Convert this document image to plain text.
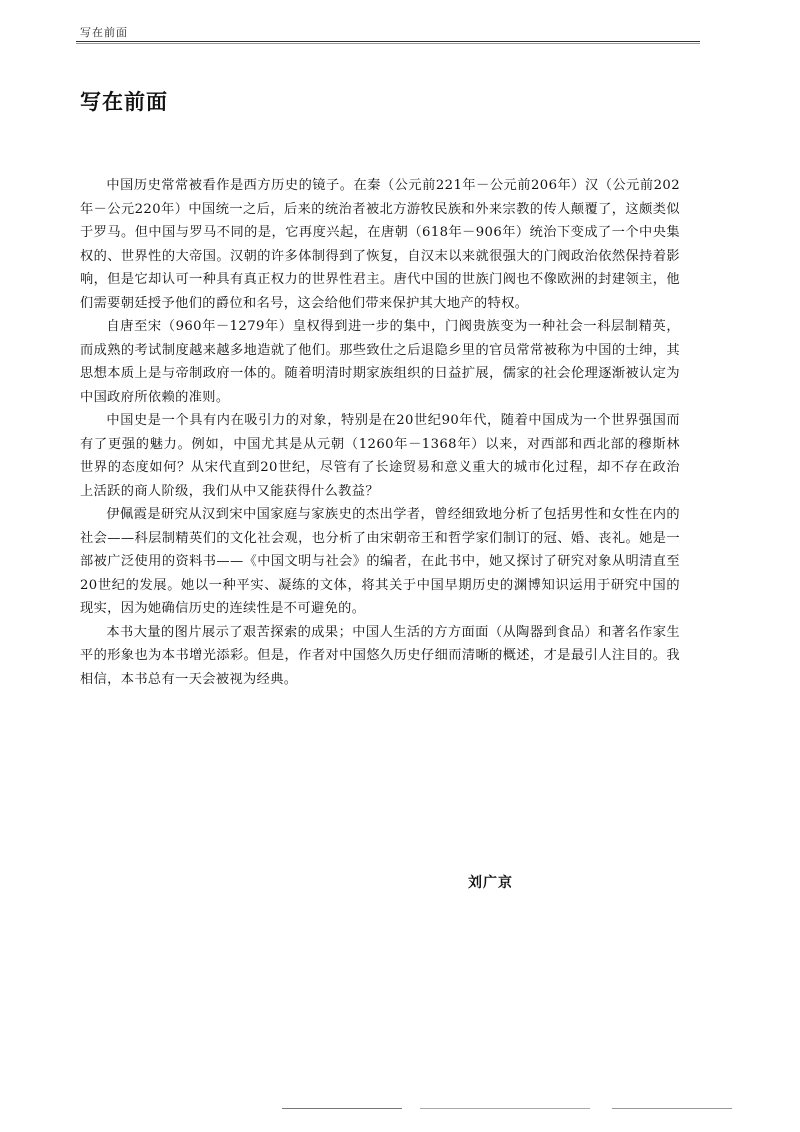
写在前面
写在前面

中国历史常常被看作是西方历史的镜子。在秦（公元前221年－公元前206年）汉（公元前202年－公元220年）中国统一之后，后来的统治者被北方游牧民族和外来宗教的传人颠覆了，这颇类似于罗马。但中国与罗马不同的是，它再度兴起，在唐朝（618年－906年）统治下变成了一个中央集权的、世界性的大帝国。汉朝的许多体制得到了恢复，自汉末以来就很强大的门阀政治依然保持着影响，但是它却认可一种具有真正权力的世界性君主。唐代中国的世族门阀也不像欧洲的封建领主，他们需要朝廷授予他们的爵位和名号，这会给他们带来保护其大地产的特权。

自唐至宋（960年－1279年）皇权得到进一步的集中，门阀贵族变为一种社会一科层制精英，而成熟的考试制度越来越多地造就了他们。那些致仕之后退隐乡里的官员常常被称为中国的士绅，其思想本质上是与帝制政府一体的。随着明清时期家族组织的日益扩展，儒家的社会伦理逐渐被认定为中国政府所依赖的准则。

中国史是一个具有内在吸引力的对象，特别是在20世纪90年代，随着中国成为一个世界强国而有了更强的魅力。例如，中国尤其是从元朝（1260年－1368年）以来，对西部和西北部的穆斯林世界的态度如何？从宋代直到20世纪，尽管有了长途贸易和意义重大的城市化过程，却不存在政治上活跃的商人阶级，我们从中又能获得什么教益？

伊佩霞是研究从汉到宋中国家庭与家族史的杰出学者，曾经细致地分析了包括男性和女性在内的社会——科层制精英们的文化社会观，也分析了由宋朝帝王和哲学家们制订的冠、婚、丧礼。她是一部被广泛使用的资料书——《中国文明与社会》的编者，在此书中，她又探讨了研究对象从明清直至20世纪的发展。她以一种平实、凝练的文体，将其关于中国早期历史的渊博知识运用于研究中国的现实，因为她确信历史的连续性是不可避免的。

本书大量的图片展示了艰苦探索的成果；中国人生活的方方面面（从陶器到食品）和著名作家生平的形象也为本书增光添彩。但是，作者对中国悠久历史仔细而清晰的概述，才是最引人注目的。我相信，本书总有一天会被视为经典。

刘广京
